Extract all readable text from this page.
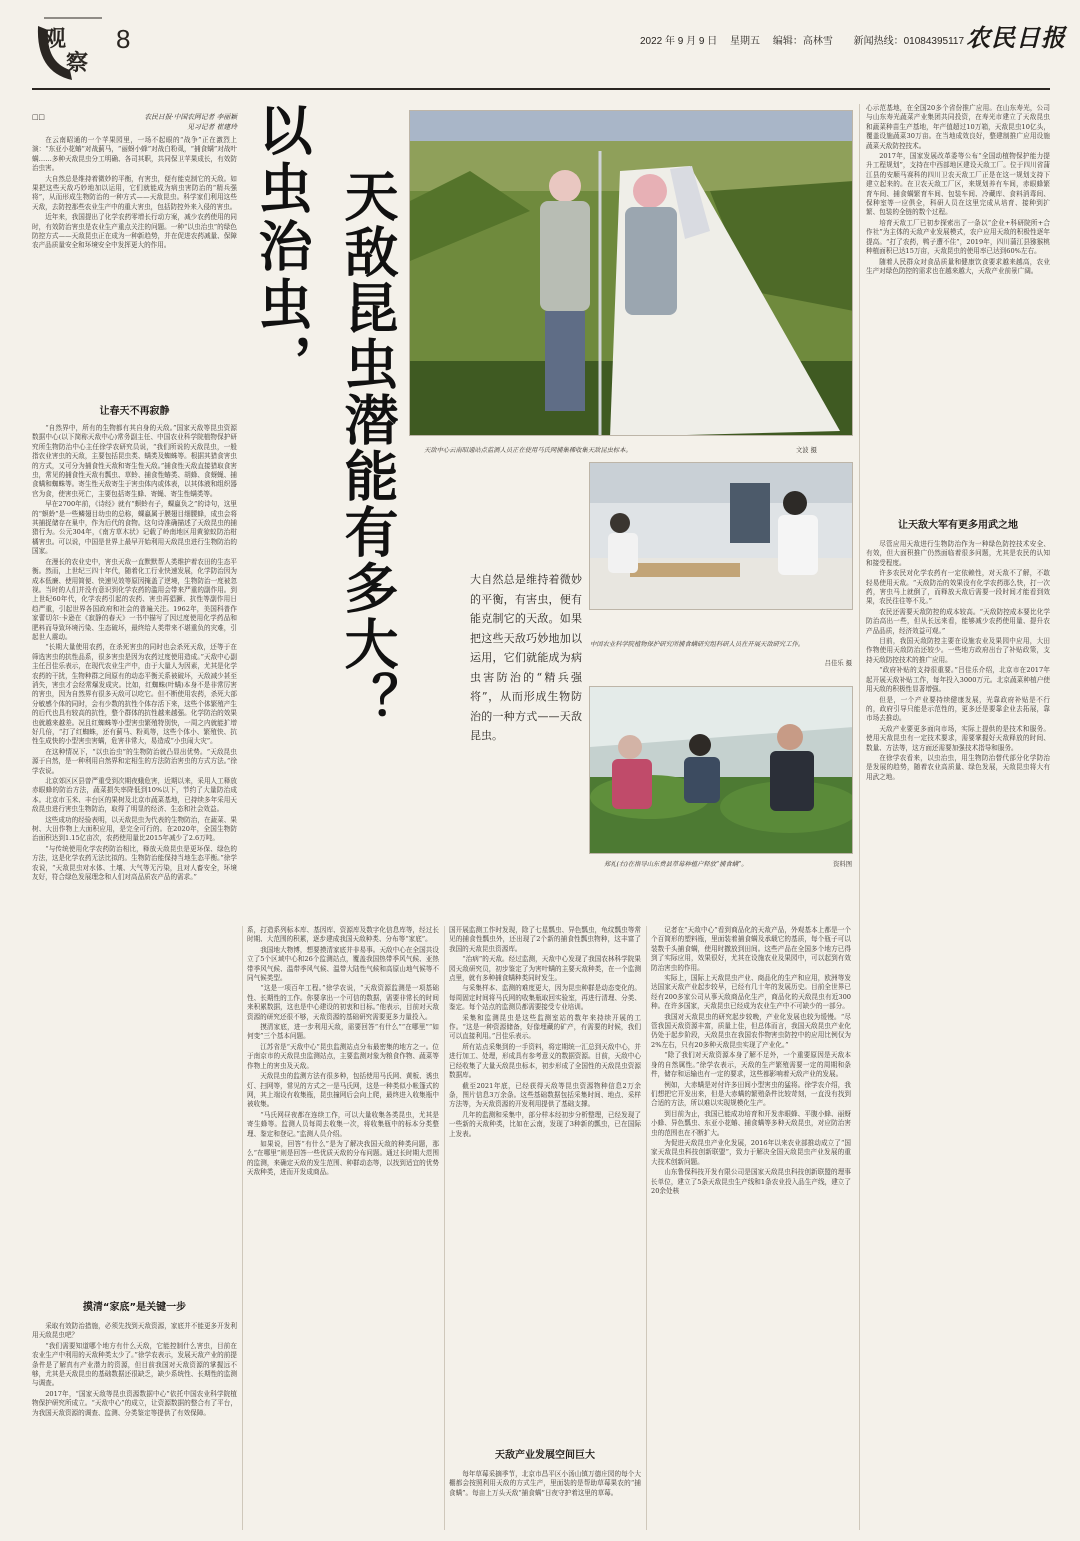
观
察
8	2022 年 9 月 9 日 星期五 编辑：高林雪 新闻热线：01084395117 农民日报
以虫治虫， 天敌昆虫潜能有多大？
□□	农民日报·中国农网记者 李丽颖
见习记者 崔建玲

在云南昭通的一个苹果园里，一场不起眼的“战争”正在激烈上演：“东亚小花蝽”对战蓟马，“丽蚜小蜂”对战白粉虱，“捕食螨”对战叶螨……多种天敌昆虫分工明确、各司其职，共同保卫苹果成长，有效防治虫害。

大自然总是维持着微妙的平衡，有害虫，便有能克制它的天敌。如果把这些天敌巧妙地加以运用，它们就能成为病虫害防治的“精兵强将”，从而形成生物防治的一种方式——天敌昆虫。科学家们利用这些天敌，去防控那些农业生产中的重大害虫，包括防控外来入侵的害虫。

近年来，我国提出了化学农药零增长行动方案，减少农药使用的同时，有效防治害虫是农业生产重点关注的问题。一种“以虫治虫”的绿色防控方式——天敌昆虫正在成为一种新趋势，并在促进农药减量、保障农产品质量安全和环境安全中发挥更大的作用。

让春天不再寂静

“自然界中，所有的生物都有其自身的天敌。”国家天敌等昆虫资源数据中心(以下简称天敌中心)常务副主任、中国农业科学院植物保护研究所生物防治中心主任徐学农研究员说，“我们所说的天敌昆虫，一般指农业害虫的天敌，主要包括昆虫类、螨类及蜘蛛等。根据其猎食害虫的方式，又可分为捕食性天敌和寄生性天敌。”捕食性天敌直接猎取食害虫，常见的捕食性天敌有瓢虫、草蛉、捕食性蝽类、胡蜂、食蚜蝇、捕食螨和蜘蛛等。寄生性天敌寄生于害虫体内或体表，以其体液和组织器官为食，使害虫死亡，主要包括寄生蜂、寄蝇、寄生性螨类等。

早在2700年前，《诗经》就有“螟蛉有子，蜾蠃负之”的诗句，这里的“螟蛉”是一些鳞翅目幼虫的总称，蜾蠃属于膜翅目细腰蜂，成虫会将其捕捉储存在巢中，作为后代的食物。这句诗准确描述了天敌昆虫的捕猎行为。公元304年，《南方草木状》记载了岭南地区用黄猄蚁防治柑橘害虫。可以说，中国是世界上最早开始利用天敌昆虫进行生物防治的国家。

在漫长的农业史中，害虫天敌一直默默帮人类维护着农田的生态平衡。然而，上世纪三四十年代，随着化工行业快速发展，化学防治因为成本低廉、使用简便、快速见效等原因掩盖了逆境，生物防治一度被忽视。当时的人们并没有意识到化学农药的滥用会带来严重的副作用。到上世纪60年代，化学农药引起的农药、害虫再猖獗、抗性等副作用日趋严重，引起世界各国政府和社会的普遍关注。1962年，美国科普作家蕾切尔·卡逊在《寂静的春天》一书中描写了因过度使用化学药品和肥料而导致环境污染、生态破坏，最终给人类带来不堪重负的灾难，引起世人震动。

“长期大量使用农药，在杀死害虫的同时也会杀死天敌，还等于在筛选害虫的抗性品系，很多害虫是因为农药过度使用造成。”天敌中心副主任吕佳乐表示，在现代农业生产中，由于大量人为因素，尤其是化学农药的干扰，生物种群之间原有的动态平衡关系被破坏，天敌减少甚至消失，害虫才会经常爆发成灾。比如，红蜘蛛(叶螨)本身不是非常厉害的害虫，因为自然界有很多天敌可以吃它。但不断使用农药，杀死大部分敏感个体的同时，会有少数的抗性个体存活下来，这些个体繁殖产生的后代也具有较高的抗性，整个群体的抗性越来越强。化学防治的效果也就越来越差。况且红蜘蛛等小型害虫繁殖特别快，一周之内就能扩增好几倍，“打了红蜘蛛，还有蓟马、粉虱等，这些个体小、繁殖快、抗性生成快的小型害虫害螨，危害非常大，易造成“小虫闹大灾”。

在这种情况下，“以虫治虫”的生物防治就凸显出优势。“天敌昆虫源于自然，是一种利用自然界和定相生的方法防治害虫的方式方法。”徐学农说。

北京郊区区县曾严重受到次期夜蛾危害，近期以来，采用人工释放赤眼蜂的防治方法，蔬菜损失率降低到10%以下，节约了大量防治成本。北京市玉米、丰台区的果树及北京市蔬菜基地，已持续多年采用天敌昆虫进行害虫生物防治，取得了明显的经济、生态和社会效益。

这些成功的经验表明，以天敌昆虫为代表的生物防治，在蔬菜、果树、大田作物上大面积应用，是完全可行的。在2020年，全国生物防治面积达到1.15亿亩次，农药使用量比2015年减少了2.6万吨。

“与传统使用化学农药防治相比，释放天敌昆虫是更环保、绿色的方法，这是化学农药无法比拟的。生物防治能保持当地生态平衡。”徐学农说，“天敌昆虫对水体、土壤、大气等无污染，且对人畜安全，环境友好，符合绿色发展理念和人们对高品质农产品的需求。”

摸清“家底”是关键一步

采取有效防治措施，必须先找到天敌资源，家底并不能更多开发利用天敌昆虫吧？

“我们需要知道哪个地方有什么天敌，它能控制什么害虫，目前在农业生产中利用的天敌种类太少了。”徐学农表示，发展天敌产业的前提条件是了解真有产业潜力的资源，但目前我国对天敌资源的掌握远不够，尤其是天敌昆虫的基础数据还很缺乏，缺少系统性、长期性的监测与调查。

2017年，“国家天敌等昆虫资源数据中心”依托中国农业科学院植物保护研究所成立。“天敌中心”的成立，让资源数据的整合有了平台，为我国天敌资源的调查、监测、分类鉴定等提供了有效保障。

大自然总是维持着微妙的平衡，有害虫，便有能克制它的天敌。如果把这些天敌巧妙地加以运用，它们就能成为病虫害防治的“精兵强将”，从而形成生物防治的一种方式——天敌昆虫。
天敌中心云南昭通站点监测人员正在使用马氏网捕集稀收集天敌昆虫标本。	文波 摄
中国农业科学院植物保护研究所捕食螨研究组科研人员在开展天敌研究工作。
吕佳乐 摄
郑礼(右)在指导山东费县草莓种植户释放“捕食螨”。	资料图

系，打造系列标本库、基因库、资源库及数字化信息库等，经过长时期、大范围的积累，逐步建成我国天敌种类、分布等“家底”。

我国地大物博，想要摸清家底并非易事。天敌中心在全国共设立了5个区域中心和26个监测站点，覆盖我国热带季风气候、亚热带季风气候、温带季风气候、温带大陆性气候和高原山地气候等不同气候类型。

“这是一项百年工程。”徐学农说，“天敌资源监测是一项基础性、长期性的工作。你要拿出一个可信的数据，需要非常长的时间来积累数据，这也是中心建设的初衷和目标。”他表示，目前对天敌资源的研究还很不够，天敌资源的基础研究需要更多力量投入。

摸清家底，进一步利用天敌，需要回答“有什么”“在哪里”“如何变”三个基本问题。

江苏省是“天敌中心”昆虫监测站点分布最密集的地方之一。位于南京市的天敌昆虫监测站点，主要监测对象为粮食作物、蔬菜等作物上的害虫及天敌。

天敌昆虫的监测方法有很多种，包括使用马氏网、黄板、诱虫灯、扫网等，常见的方式之一是马氏网，这是一种类似小帐篷式的网，其上端设有收集瓶，昆虫撞网后会向上爬，最终进入收集瓶中被收集。

“马氏网昼夜都在连续工作，可以大量收集各类昆虫，尤其是寄生蜂等。监测人员每周去收集一次，将收集瓶中的标本分类整理、鉴定和登记。”监测人员介绍。

如果说，回答“有什么”是为了解决我国天敌的种类问题，那么“在哪里”则是回答一些优质天敌的分布问题。通过长时期大范围的监测，来确定天敌的发生范围、种群动态等，以找到适宜的优势天敌种类，进而开发成商品。

国开展监测工作时发现，除了七星瓢虫、异色瓢虫，龟纹瓢虫等常见的捕食性瓢虫外，还出现了2个新的捕食性瓢虫物种，这丰富了我国的天敌昆虫资源库。

“治病”的天敌。经过监测，天敌中心发现了我国农林科学院果园天敌研究员，初步鉴定了为害叶螨的主要天敌种类，在一个监测点里，就有多种捕食螨种类同时发生。

与采集样本、监测的难度更大，因为昆虫种群是动态变化的。每周固定时间将马氏网的收集瓶取回实验室，再进行清理、分类、鉴定。每个站点的监测员都需要接受专业培训。

采集和监测昆虫是这些监测室站的数年来持续开展的工作。“这是一种资源储备，好像埋藏的矿产，有需要的时候，我们可以直接利用。”吕佳乐表示。

所有站点采集到的一手资料，将定期统一汇总到天敌中心，并进行加工、处理，形成具有参考意义的数据资源。目前，天敌中心已经收集了大量天敌昆虫标本，初步形成了全国性的天敌昆虫资源数据库。

截至2021年底，已经获得天敌等昆虫资源物种信息2万余条，图片信息3万余条。这些基础数据包括采集时间、地点、采样方法等，为天敌资源的开发利用提供了基础支撑。

几年的监测和采集中，部分样本经初步分析整理，已经发现了一些新的天敌种类，比如在云南，发现了3种新的瓢虫，已在国际上发表。

天敌产业发展空间巨大

每年草莓采摘季节，北京市昌平区小汤山镇万德庄园的每个大棚都会按照利用天敌的方式生产，里面装的是帮助草莓果农的“捕食螨”。每亩上万头天敌“捕食螨”日夜守护着这里的草莓。

记者在“天敌中心”看到商品化的天敌产品，外观基本上都是一个个百简形的塑料瓶，里面装着捕食螨及承载它的基质，每个瓶子可以装数千头捕食螨，使用时撒放到田间。这些产品在全国多个地方已得到了实际应用，效果很好，尤其在设施农业及果园中，可以起到有效防治害虫的作用。

实际上，国际上天敌昆虫产业、商品化的生产和应用，欧洲等发达国家天敌产业起步较早，已经有几十年的发展历史。目前全世界已经有200多家公司从事天敌商品化生产，商品化的天敌昆虫有近300种。在许多国家，天敌昆虫已经成为农业生产中不可缺少的一部分。

我国对天敌昆虫的研究起步较晚，产业化发展也较为缓慢。“尽管我国天敌资源丰富，质量上佳，但总体而言，我国天敌昆虫产业化仍处于起步阶段，天敌昆虫在我国农作物害虫防控中的应用比例仅为2%左右，只有20多种天敌昆虫实现了产业化。”

“除了我们对天敌资源本身了解不足外，一个重要原因是天敌本身的自然属性。”徐学农表示，天敌的生产繁殖需要一定的周期和条件，储存和运输也有一定的要求，这些都影响着天敌产业的发展。

例如，大赤螨是对付许多田间小型害虫的猛将。徐学农介绍，我们想把它开发出来，但是大赤螨的繁殖条件比较苛刻，一直没有找到合适的方法，所以难以实现规模化生产。

到目前为止，我国已能成功培育和开发赤眼蜂、平腹小蜂、丽蚜小蜂、异色瓢虫、东亚小花蝽、捕食螨等多种天敌昆虫，对应防治害虫的范围也在不断扩大。

为促进天敌昆虫产业化发展，2016年以来农业部推动成立了“国家天敌昆虫科技创新联盟”，致力于解决全国天敌昆虫产业发展的重大技术创新问题。

山东鲁保科技开发有限公司是国家天敌昆虫科技创新联盟的理事长单位，建立了5条天敌昆虫生产线和1条农业投入品生产线，建立了20余处核

心示范基地，在全国20多个省份推广应用。在山东寿光，公司与山东寿光蔬菜产业集团共同投资，在寿光市建立了天敌昆虫和蔬菜种苗生产基地，年产值超过10万箱，天敌昆虫10亿头，覆盖设施蔬菜30万亩。在当地成效良好，整建制推广应用设施蔬菜天敌防控技术。

2017年，国家发展改革委等公布“全国动植物保护能力提升工程规划”，支持在中西部地区建设天敌工厂。位于四川省蒲江县的安顺马赛科的四川卫农天敌工厂正是在这一规划支持下建立起来的。在卫农天敌工厂区，来规划养有车间，赤眼蜂繁育车间、捕食螨繁育车间、包装车间、冷藏库、食料消毒间、保种室等一应俱全，科研人员在这里完成从培育、接种到扩繁、包装的全链的数个过程。

培育天敌工厂已初步探索出了一条以“企业+科研院所+合作社”为主体的天敌产业发展模式，农户应用天敌的积极性逐年提高。“打了农药，鸭子遭不住”，2019年，四川蒲江县猕猴桃种植面积已达15万亩，天敌昆虫的使用率已达到60%左右。

随着人民群众对食品质量和健康饮食要求越来越高，农业生产对绿色防控的需求也在越来越大，天敌产业前景广阔。

让天敌大军有更多用武之地

尽管应用天敌进行生物防治作为一种绿色防控技术安全、有效，但大面积推广仍然面临着很多问题，尤其是农民的认知和接受程度。

许多农民对化学农药有一定依赖性，对天敌不了解，不敢轻易使用天敌。“天敌防治的效果没有化学农药那么快，打一次药，害虫马上就倒了，而释放天敌后需要一段时间才能看到效果，农民往往等不及。”

农民还需要天敌防控的成本较高。“天敌防控成本要比化学防治高出一些，但从长远来看，能够减少农药使用量、提升农产品品质，经济效益可观。”

目前，我国天敌防控主要在设施农业及果园中应用，大田作物使用天敌防治还较少。一些地方政府出台了补贴政策，支持天敌防控技术的推广应用。

“政府补贴的支持很重要。”吕佳乐介绍，北京市在2017年起开展天敌补贴工作，每年投入3000万元。北京蔬菜种植户使用天敌的积极性显著增强。

但是，一个产业要持续健康发展，光靠政府补贴是不行的，政府引导只能是示范性的，更多还是要靠企业去拓展，靠市场去推动。

天敌产业要更多面向市场，实际上提供的是技术和服务。使用天敌昆虫有一定技术要求，需要掌握好天敌释放的时间、数量、方法等，这方面还需要加强技术指导和服务。

在徐学农看来，以虫治虫，用生物防治替代部分化学防治是发展的趋势，随着农业高质量、绿色发展，天敌昆虫将大有用武之地。
